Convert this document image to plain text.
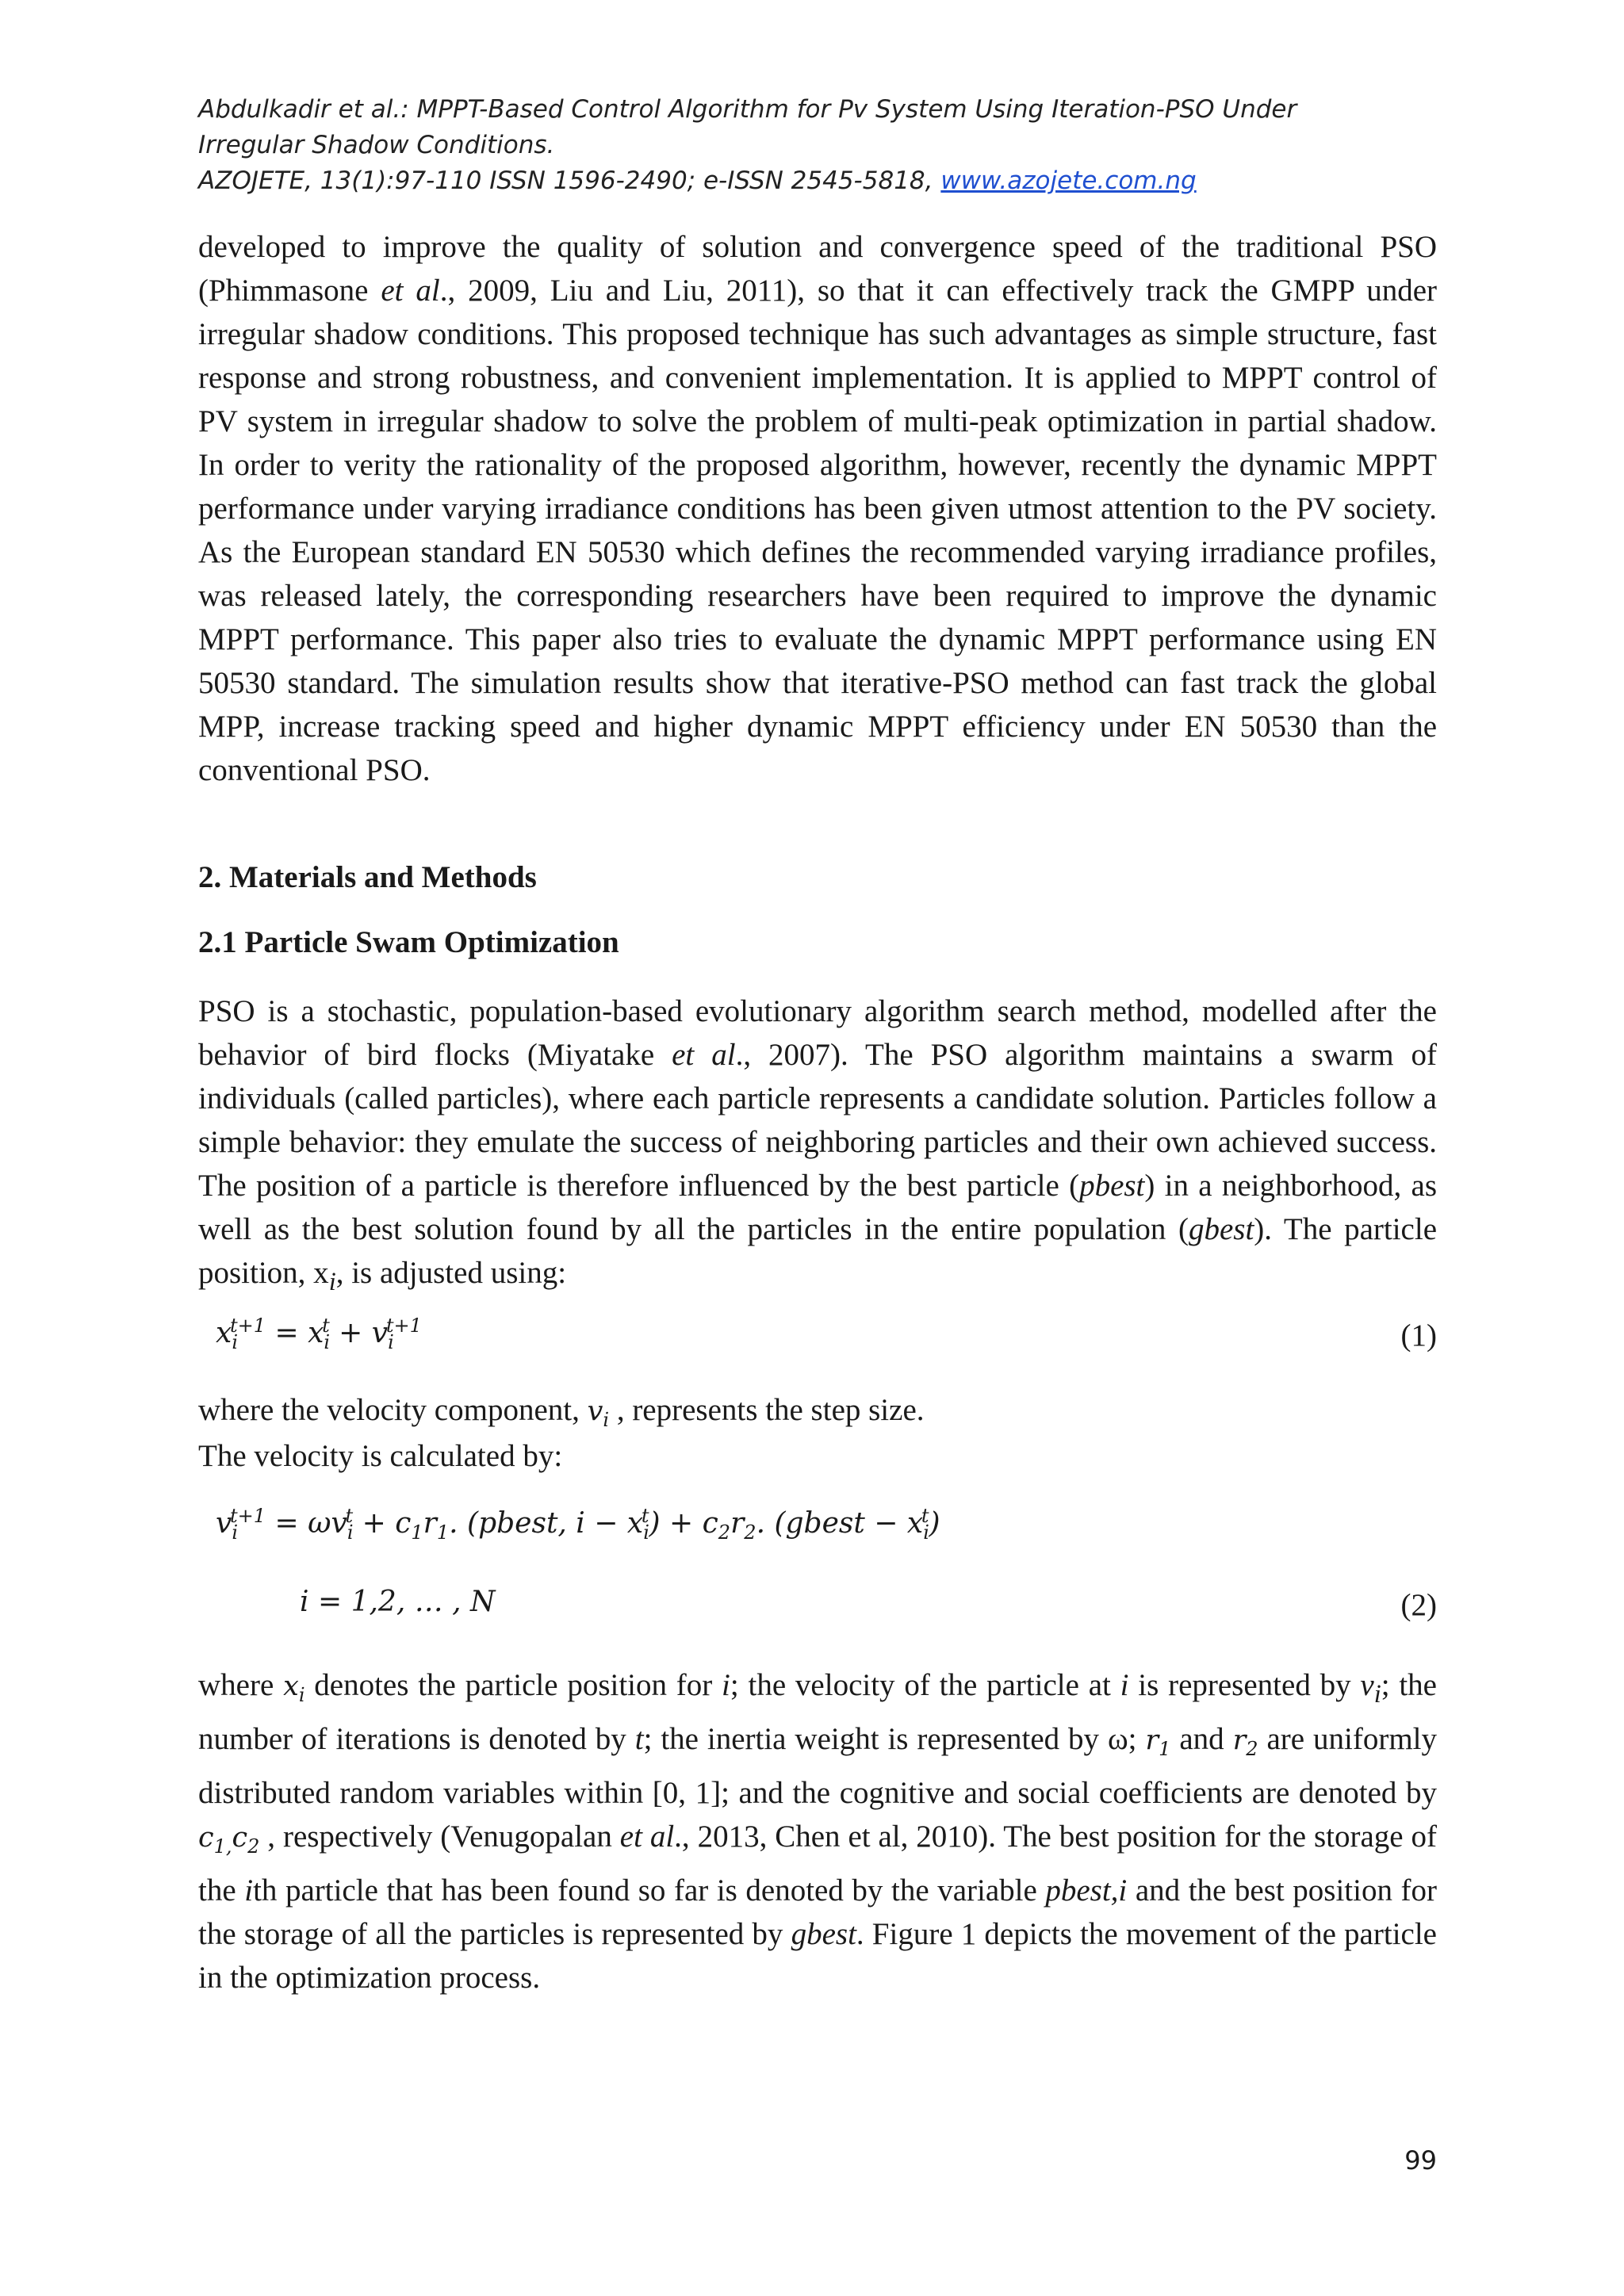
Abdulkadir et al.: MPPT-Based Control Algorithm for Pv System Using Iteration-PSO Under
Irregular Shadow Conditions.
AZOJETE, 13(1):97-110 ISSN 1596-2490; e-ISSN 2545-5818, www.azojete.com.ng

developed to improve the quality of solution and convergence speed of the traditional PSO (Phimmasone et al., 2009, Liu and Liu, 2011), so that it can effectively track the GMPP under irregular shadow conditions. This proposed technique has such advantages as simple structure, fast response and strong robustness, and convenient implementation. It is applied to MPPT control of PV system in irregular shadow to solve the problem of multi-peak optimization in partial shadow. In order to verity the rationality of the proposed algorithm, however, recently the dynamic MPPT performance under varying irradiance conditions has been given utmost attention to the PV society. As the European standard EN 50530 which defines the recommended varying irradiance profiles, was released lately, the corresponding researchers have been required to improve the dynamic MPPT performance. This paper also tries to evaluate the dynamic MPPT performance using EN 50530 standard. The simulation results show that iterative-PSO method can fast track the global MPP, increase tracking speed and higher dynamic MPPT efficiency under EN 50530 than the conventional PSO.

2. Materials and Methods
2.1 Particle Swam Optimization

PSO is a stochastic, population-based evolutionary algorithm search method, modelled after the behavior of bird flocks (Miyatake et al., 2007). The PSO algorithm maintains a swarm of individuals (called particles), where each particle represents a candidate solution. Particles follow a simple behavior: they emulate the success of neighboring particles and their own achieved success. The position of a particle is therefore influenced by the best particle (pbest) in a neighborhood, as well as the best solution found by all the particles in the entire population (gbest). The particle position, $x_i$, is adjusted using:

$x_i^{t+1} = x_i^t + v_i^{t+1}$	(1)
where the velocity component, $v_i$ , represents the step size.
The velocity is calculated by:
$v_i^{t+1} = \omega v_i^t + c_1r_1$. (pbest, $i - x_i^t) + c_2r_2$. (gbest − $x_i^t$)
i = 1,2, … , N	(2)

where $x_i$ denotes the particle position for i; the velocity of the particle at i is represented by $v_i$; the number of iterations is denoted by t; the inertia weight is represented by ω; $r_1$ and $r_2$ are uniformly distributed random variables within [0, 1]; and the cognitive and social coefficients are denoted by $c_{1,}c_2$ , respectively (Venugopalan et al., 2013, Chen et al, 2010). The best position for the storage of the ith particle that has been found so far is denoted by the variable pbest,i and the best position for the storage of all the particles is represented by gbest. Figure 1 depicts the movement of the particle in the optimization process.

99
